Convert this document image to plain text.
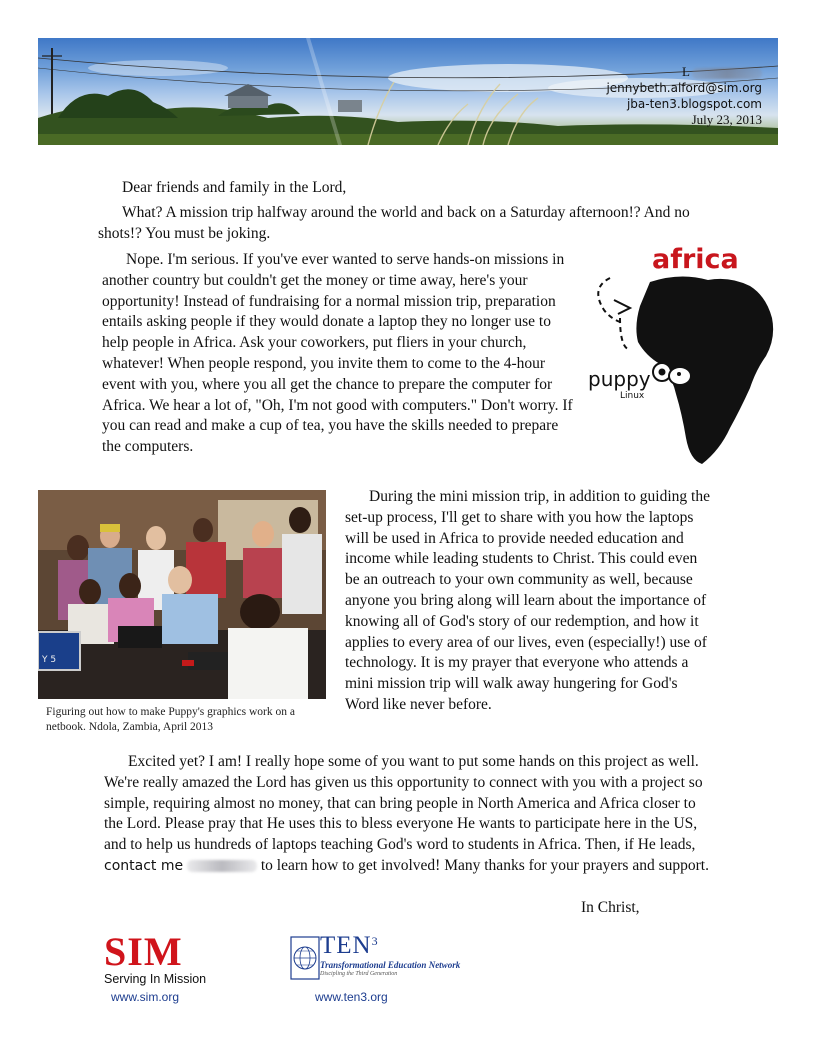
L
jennybeth.alford@sim.org
jba-ten3.blogspot.com
July 23, 2013

Dear friends and family in the Lord,

What? A mission trip halfway around the world and back on a Saturday afternoon!? And no shots!? You must be joking.

Nope. I'm serious. If you've ever wanted to serve hands-on missions in another country but couldn't get the money or time away, here's your opportunity! Instead of fundraising for a normal mission trip, preparation entails asking people if they would donate a laptop they no longer use to help people in Africa. Ask your coworkers, put fliers in your church, whatever! When people respond, you invite them to come to the 4-hour event with you, where you all get the chance to prepare the computer for Africa. We hear a lot of, "Oh, I'm not good with computers." Don't worry. If you can read and make a cup of tea, you have the skills needed to prepare the computers.

africa
puppy
Linux
Y 5
Figuring out how to make Puppy's graphics work on a netbook. Ndola, Zambia, April 2013

During the mini mission trip, in addition to guiding the set-up process, I'll get to share with you how the laptops will be used in Africa to provide needed education and income while leading students to Christ. This could even be an outreach to your own community as well, because anyone you bring along will learn about the importance of knowing all of God's story of our redemption, and how it applies to every area of our lives, even (especially!) use of technology. It is my prayer that everyone who attends a mini mission trip will walk away hungering for God's Word like never before.

Excited yet? I am! I really hope some of you want to put some hands on this project as well. We're really amazed the Lord has given us this opportunity to connect with you with a project so simple, requiring almost no money, that can bring people in North America and Africa closer to the Lord. Please pray that He uses this to bless everyone He wants to participate here in the US, and to help us hundreds of laptops teaching God's word to students in Africa. Then, if He leads, contact me	to learn how to get involved! Many thanks for your prayers and support.

In Christ,
SIM
Serving In Mission
www.sim.org
TEN$^3$
Transformational Education Network
Discipling the Third Generation
www.ten3.org
